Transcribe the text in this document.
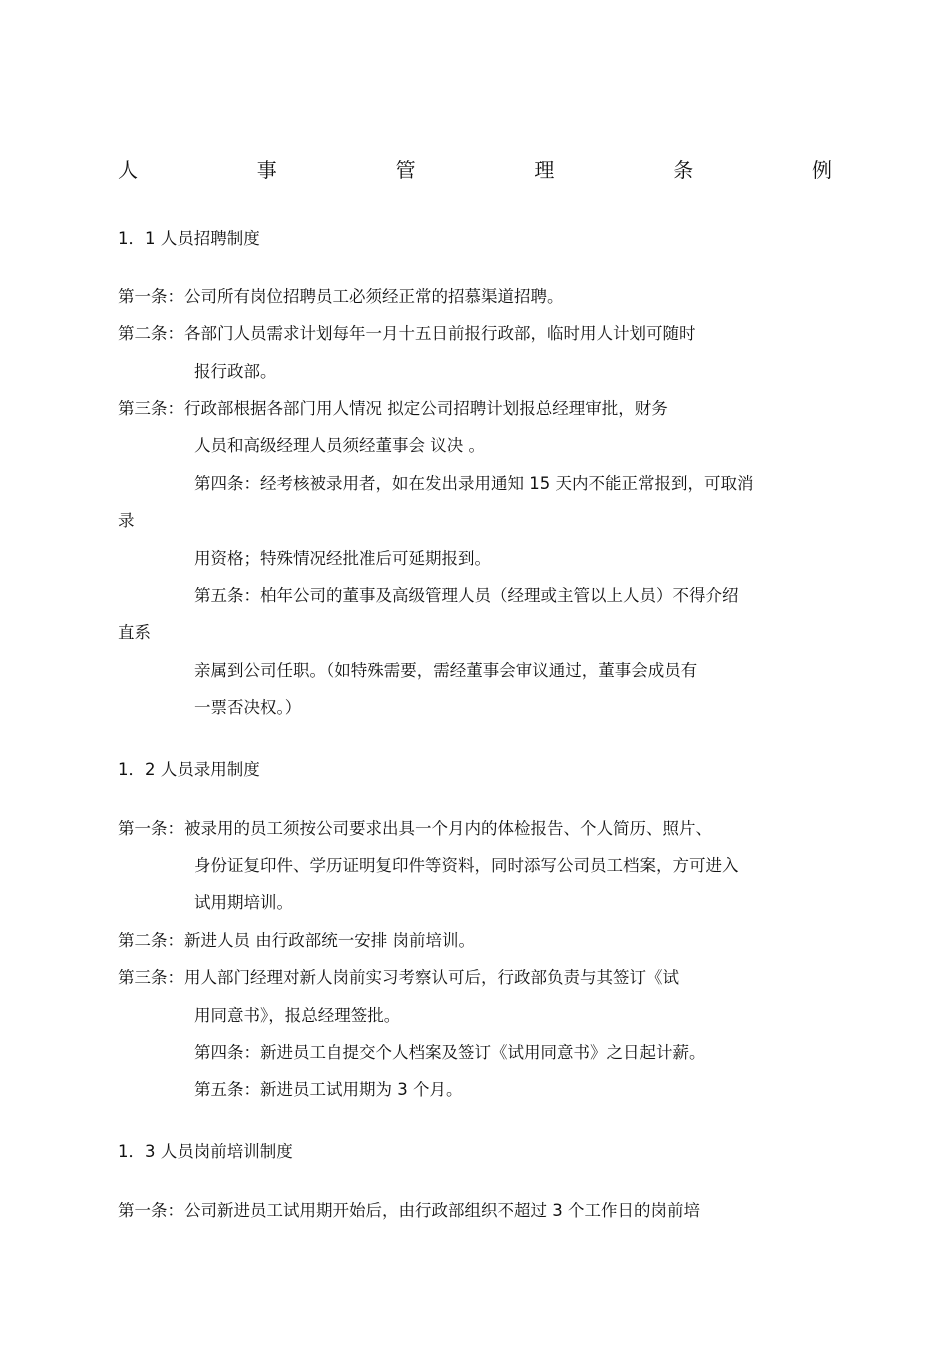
人	事	管	理	条	例
1．1 人员招聘制度
第一条：公司所有岗位招聘员工必须经正常的招慕渠道招聘。
第二条：各部门人员需求计划每年一月十五日前报行政部，临时用人计划可随时
报行政部。
第三条：行政部根据各部门用人情况 拟定公司招聘计划报总经理审批，财务
人员和高级经理人员须经董事会 议决 。
第四条：经考核被录用者，如在发出录用通知 15 天内不能正常报到，可取消
录
用资格；特殊情况经批准后可延期报到。
第五条：柏年公司的董事及高级管理人员（经理或主管以上人员）不得介绍
直系
亲属到公司任职。（如特殊需要，需经董事会审议通过，董事会成员有
一票否决权。）
1．2 人员录用制度
第一条：被录用的员工须按公司要求出具一个月内的体检报告、个人简历、照片、
身份证复印件、学历证明复印件等资料，同时添写公司员工档案，方可进入
试用期培训。
第二条：新进人员 由行政部统一安排 岗前培训。
第三条：用人部门经理对新人岗前实习考察认可后，行政部负责与其签订《试
用同意书》，报总经理签批。
第四条：新进员工自提交个人档案及签订《试用同意书》之日起计薪。
第五条：新进员工试用期为 3 个月。
1．3 人员岗前培训制度
第一条：公司新进员工试用期开始后，由行政部组织不超过 3 个工作日的岗前培
